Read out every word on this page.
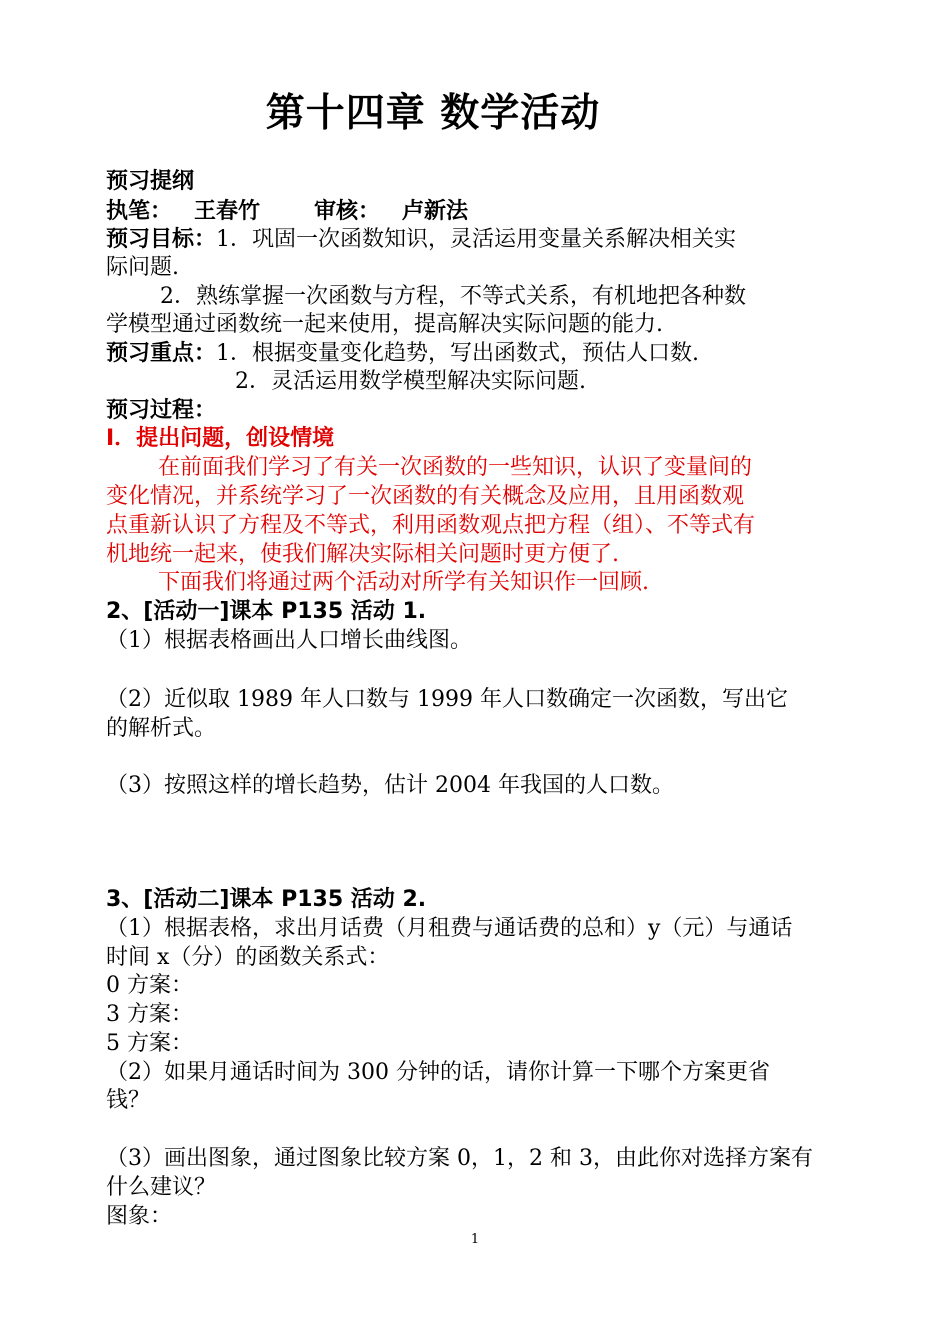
第十四章 数学活动
预习提纲
执笔： 王春竹 审核： 卢新法
预习目标：1．巩固一次函数知识，灵活运用变量关系解决相关实
际问题.
2．熟练掌握一次函数与方程，不等式关系，有机地把各种数
学模型通过函数统一起来使用，提高解决实际问题的能力.
预习重点：1．根据变量变化趋势，写出函数式，预估人口数.
2．灵活运用数学模型解决实际问题.
预习过程：
Ⅰ．提出问题，创设情境
在前面我们学习了有关一次函数的一些知识，认识了变量间的
变化情况，并系统学习了一次函数的有关概念及应用，且用函数观
点重新认识了方程及不等式，利用函数观点把方程（组）、不等式有
机地统一起来，使我们解决实际相关问题时更方便了.
下面我们将通过两个活动对所学有关知识作一回顾.
2、[活动一]课本 P135 活动 1.
（1）根据表格画出人口增长曲线图。
（2）近似取 1989 年人口数与 1999 年人口数确定一次函数，写出它
的解析式。
（3）按照这样的增长趋势，估计 2004 年我国的人口数。
3、[活动二]课本 P135 活动 2.
（1）根据表格，求出月话费（月租费与通话费的总和）y（元）与通话
时间 x（分）的函数关系式：
0 方案：
3 方案：
5 方案：
（2）如果月通话时间为 300 分钟的话，请你计算一下哪个方案更省
钱？
（3）画出图象，通过图象比较方案 0，1，2 和 3，由此你对选择方案有
什么建议？
图象：
1
